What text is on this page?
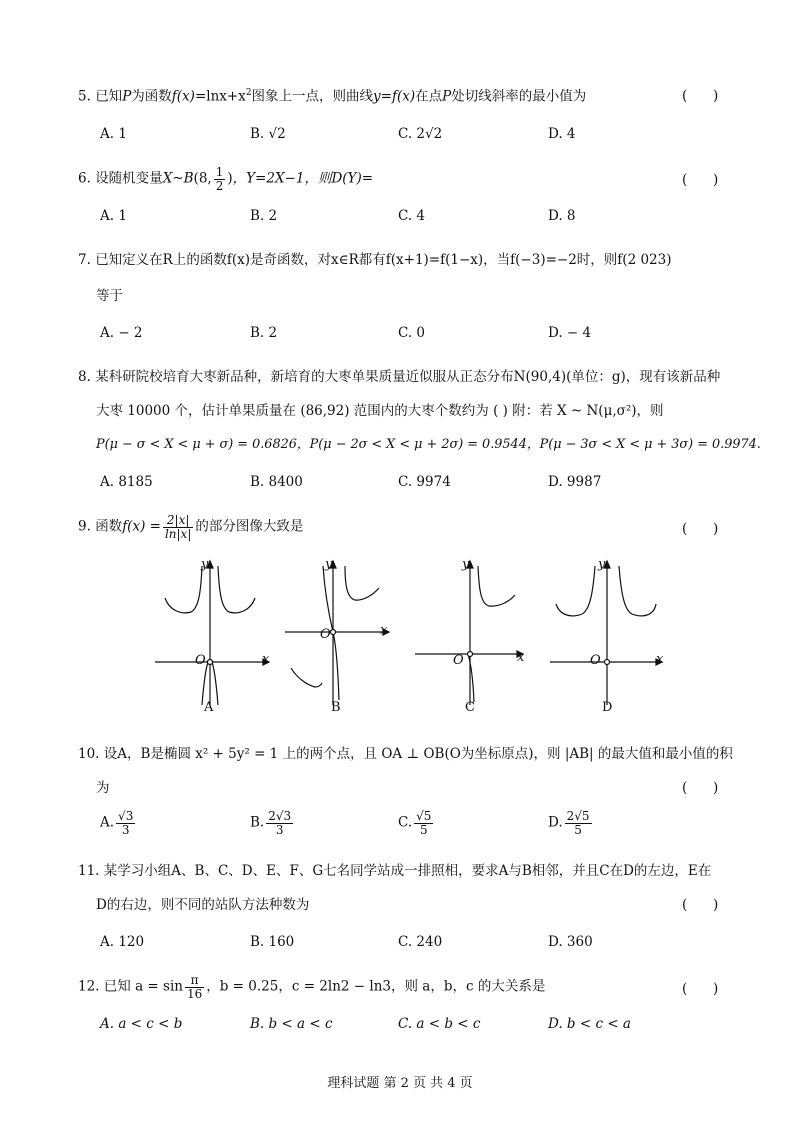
5. 已知P为函数$f(x)=\ln x+x^2$图象上一点，则曲线y=f(x)在点P处切线斜率的最小值为	(      )
A. 1	B. √2	C. 2√2	D. 4
6. 设随机变量X~B(8, $\frac{1}{2}$ )，Y=2X−1，则D(Y)=	(      )
A. 1	B. 2	C. 4	D. 8
7. 已知定义在R上的函数f(x)是奇函数，对x∈R都有f(x+1)=f(1−x)，当f(−3)=−2时，则f(2 023)
等于
A. − 2	B. 2	C. 0	D. − 4
8. 某科研院校培育大枣新品种，新培育的大枣单果质量近似服从正态分布N(90,4)(单位：g)，现有该新品种
大枣 10000 个，估计单果质量在 (86,92) 范围内的大枣个数约为 ( ) 附：若 X ~ N(μ,σ²)，则
P(μ − σ < X < μ + σ) = 0.6826，P(μ − 2σ < X < μ + 2σ) = 0.9544，P(μ − 3σ < X < μ + 3σ) = 0.9974.
A. 8185	B. 8400	C. 9974	D. 9987
9. 函数$f(x) = \frac{2|x|}{\ln|x|}$ 的部分图像大致是	(      )
O	x
y
A
O	x
y
B
O	x
y
C
O	x
y
D
10. 设A，B是椭圆 x² + 5y² = 1 上的两个点，且 OA ⊥ OB(O为坐标原点)，则 |AB| 的最大值和最小值的积
为	(      )
A. $\frac{√3}{3}$	B. $\frac{2√3}{3}$	C. $\frac{√5}{5}$	D. $\frac{2√5}{5}$
11. 某学习小组A、B、C、D、E、F、G七名同学站成一排照相，要求A与B相邻，并且C在D的左边，E在
D的右边，则不同的站队方法种数为	(      )
A. 120	B. 160	C. 240	D. 360
12. 已知 $a = \sin \frac{\pi}{16}$ ，b = 0.25，c = 2ln2 − ln3，则 a，b，c 的大关系是	(      )
A. a < c < b	B. b < a < c	C. a < b < c	D. b < c < a
理科试题 第 2 页 共 4 页
